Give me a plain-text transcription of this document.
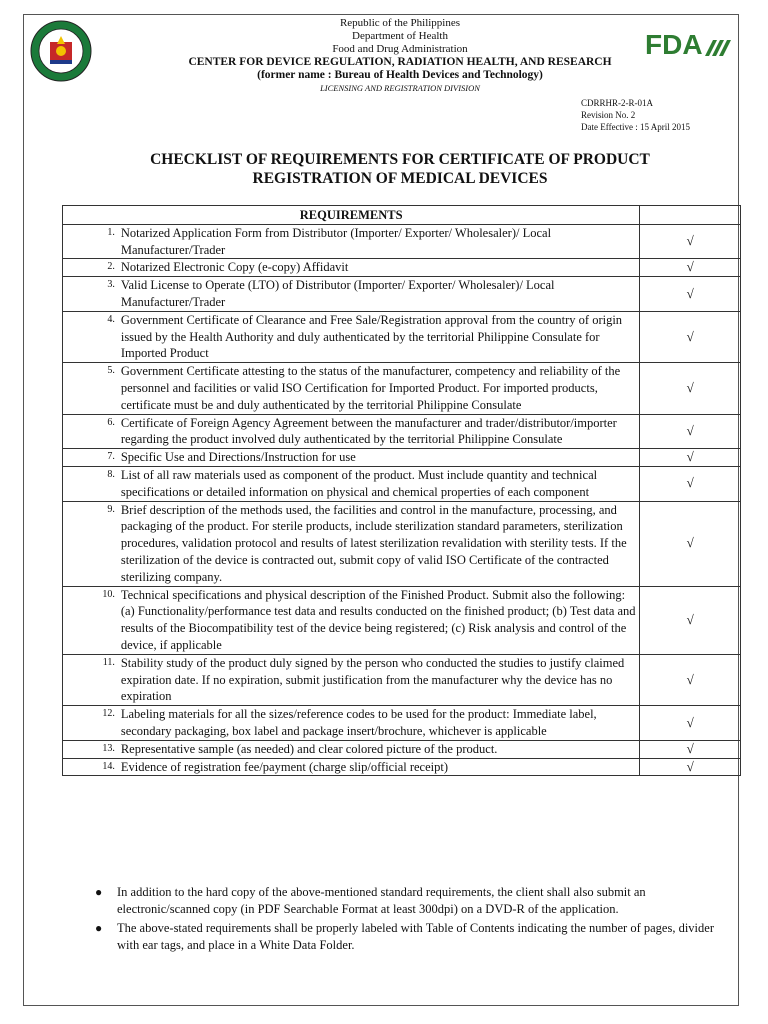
FDA
Republic of the Philippines
Department of Health
Food and Drug Administration
CENTER FOR DEVICE REGULATION, RADIATION HEALTH, AND RESEARCH
(former name : Bureau of Health Devices and Technology)
LICENSING AND REGISTRATION DIVISION
CDRRHR-2-R-01A
Revision No. 2
Date Effective : 15 April 2015
CHECKLIST OF REQUIREMENTS FOR CERTIFICATE OF PRODUCT
REGISTRATION OF MEDICAL DEVICES
REQUIREMENTS		
1.	Notarized Application Form from Distributor (Importer/ Exporter/ Wholesaler)/ Local Manufacturer/Trader	√
2.	Notarized Electronic Copy (e-copy) Affidavit	√
3.	Valid License to Operate (LTO) of Distributor (Importer/ Exporter/ Wholesaler)/ Local Manufacturer/Trader	√
4.	Government Certificate of Clearance and Free Sale/Registration approval from the country of origin issued by the Health Authority and duly authenticated by the territorial Philippine Consulate for Imported Product	√
5.	Government Certificate attesting to the status of the manufacturer, competency and reliability of the personnel and facilities or valid ISO Certification for Imported Product. For imported products, certificate must be and duly authenticated by the territorial Philippine Consulate	√
6.	Certificate of Foreign Agency Agreement between the manufacturer and trader/distributor/importer regarding the product involved duly authenticated by the territorial Philippine Consulate	√
7.	Specific Use and Directions/Instruction for use	√
8.	List of all raw materials used as component of the product. Must include quantity and technical specifications or detailed information on physical and chemical properties of each component	√
9.	Brief description of the methods used, the facilities and control in the manufacture, processing, and packaging of the product. For sterile products, include sterilization standard parameters, sterilization procedures, validation protocol and results of latest sterilization revalidation with sterility tests. If the sterilization of the device is contracted out, submit copy of valid ISO Certificate of the contracted sterilizing company.	√
10.	Technical specifications and physical description of the Finished Product. Submit also the following: (a) Functionality/performance test data and results conducted on the finished product; (b) Test data and results of the Biocompatibility test of the device being registered; (c) Risk analysis and control of the device, if applicable	√
11.	Stability study of the product duly signed by the person who conducted the studies to justify claimed expiration date. If no expiration, submit justification from the manufacturer why the device has no expiration	√
12.	Labeling materials for all the sizes/reference codes to be used for the product: Immediate label, secondary packaging, box label and package insert/brochure, whichever is applicable	√
13.	Representative sample (as needed) and clear colored picture of the product.	√
14.	Evidence of registration fee/payment (charge slip/official receipt)	√
● In addition to the hard copy of the above-mentioned standard requirements, the client shall also submit an electronic/scanned copy (in PDF Searchable Format at least 300dpi) on a DVD-R of the application.
● The above-stated requirements shall be properly labeled with Table of Contents indicating the number of pages, divider with ear tags, and place in a White Data Folder.
